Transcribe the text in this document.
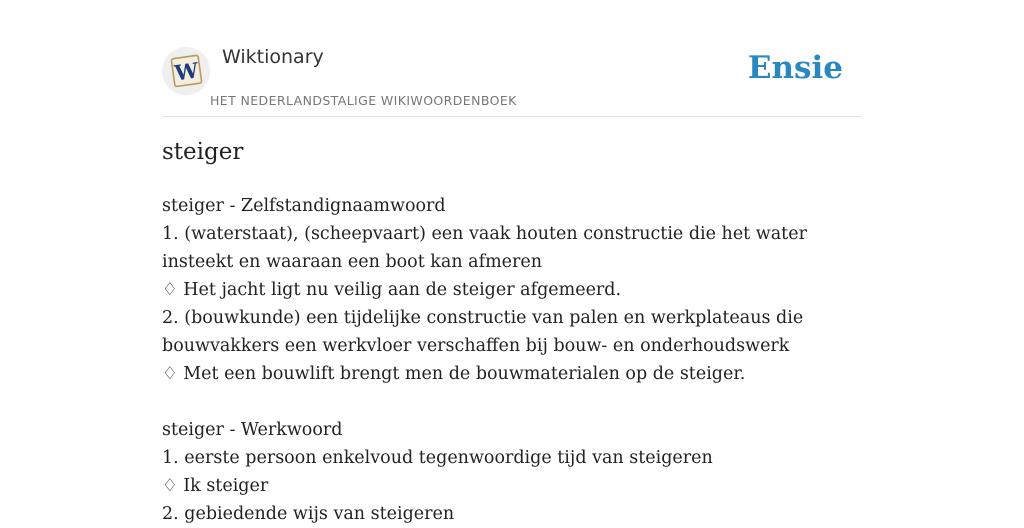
W
Wiktionary
HET NEDERLANDSTALIGE WIKIWOORDENBOEK
Ensie
steiger
steiger - Zelfstandignaamwoord
1. (waterstaat), (scheepvaart) een vaak houten constructie die het water insteekt en waaraan een boot kan afmeren
♢ Het jacht ligt nu veilig aan de steiger afgemeerd.
2. (bouwkunde) een tijdelijke constructie van palen en werkplateaus die bouwvakkers een werkvloer verschaffen bij bouw- en onderhoudswerk
♢ Met een bouwlift brengt men de bouwmaterialen op de steiger.
steiger - Werkwoord
1. eerste persoon enkelvoud tegenwoordige tijd van steigeren
♢ Ik steiger
2. gebiedende wijs van steigeren
